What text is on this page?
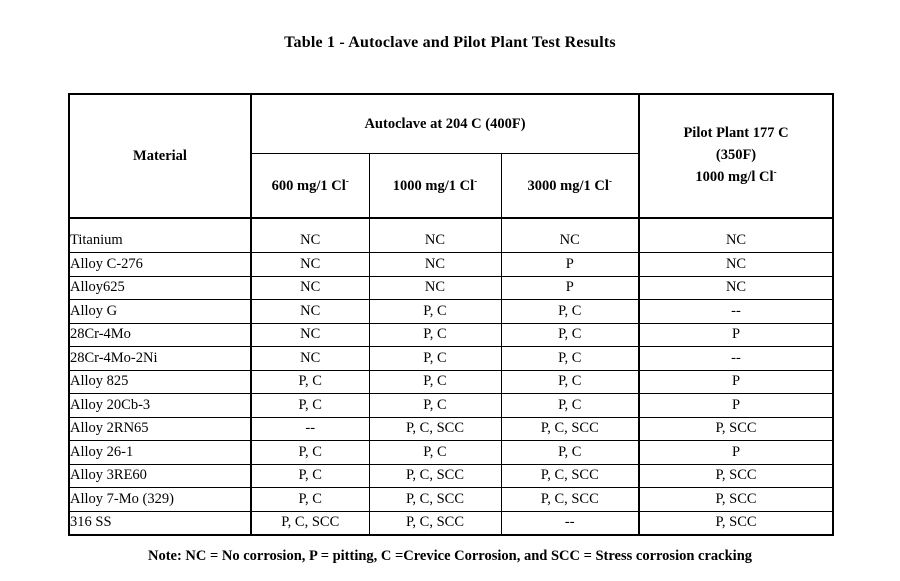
Table 1 - Autoclave and Pilot Plant Test Results
Material	Autoclave at 204 C (400F)			Pilot Plant 177 C
(350F)
1000 mg/l Cl-
	600 mg/1 Cl-	1000 mg/1 Cl-	3000 mg/1 Cl-
Titanium	NC	NC	NC	NC
Alloy C-276	NC	NC	P	NC
Alloy625	NC	NC	P	NC
Alloy G	NC	P, C	P, C	--
28Cr-4Mo	NC	P, C	P, C	P
28Cr-4Mo-2Ni	NC	P, C	P, C	--
Alloy 825	P, C	P, C	P, C	P
Alloy 20Cb-3	P, C	P, C	P, C	P
Alloy 2RN65	--	P, C, SCC	P, C, SCC	P, SCC
Alloy 26-1	P, C	P, C	P, C	P
Alloy 3RE60	P, C	P, C, SCC	P, C, SCC	P, SCC
Alloy 7-Mo (329)	P, C	P, C, SCC	P, C, SCC	P, SCC
316 SS	P, C, SCC	P, C, SCC	--	P, SCC
Note: NC = No corrosion, P = pitting, C =Crevice Corrosion, and SCC = Stress corrosion cracking
